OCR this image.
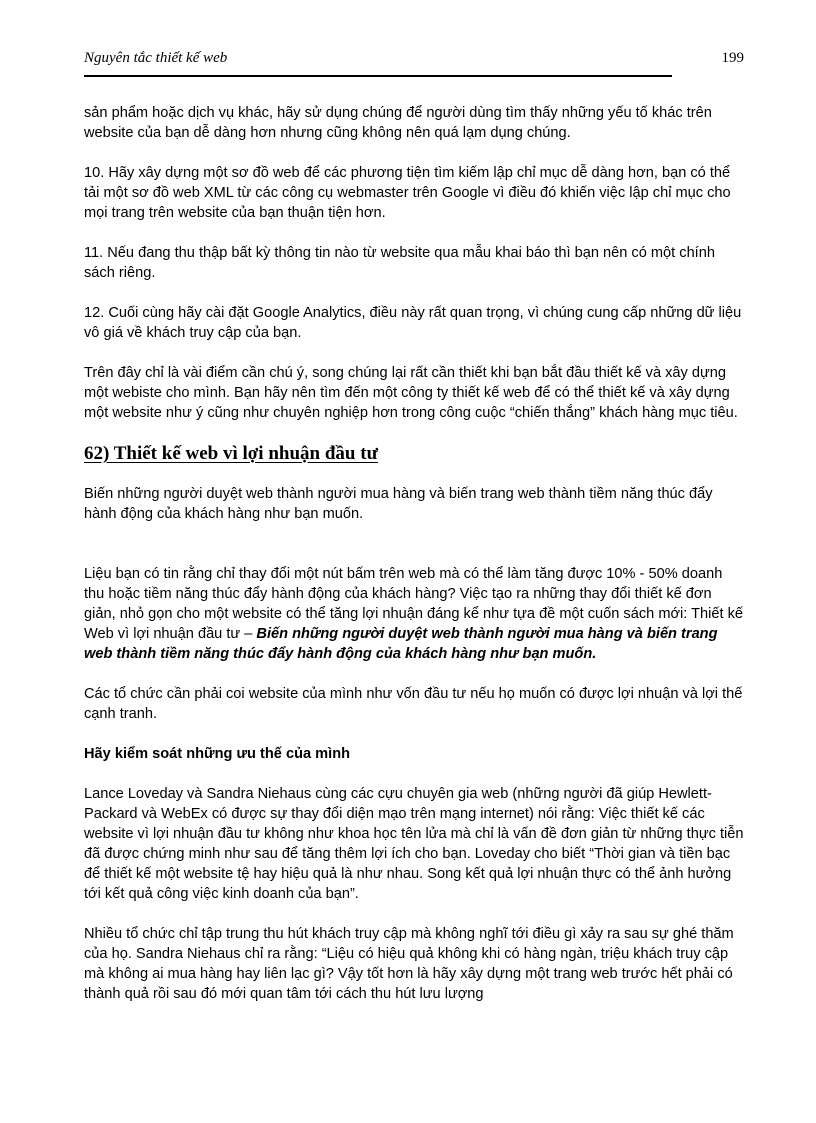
Nguyên tắc thiết kế web	199

sản phẩm hoặc dịch vụ khác, hãy sử dụng chúng để người dùng tìm thấy những yếu tố khác trên website của bạn dễ dàng hơn nhưng cũng không nên quá lạm dụng chúng.

10. Hãy xây dựng một sơ đồ web để các phương tiện tìm kiếm lập chỉ mục dễ dàng hơn, bạn có thể tải một sơ đồ web XML từ các công cụ webmaster trên Google vì điều đó khiến việc lập chỉ mục cho mọi trang trên website của bạn thuận tiện hơn.

11. Nếu đang thu thập bất kỳ thông tin nào từ website qua mẫu khai báo thì bạn nên có một chính sách riêng.

12. Cuối cùng hãy cài đặt Google Analytics, điều này rất quan trọng, vì chúng cung cấp những dữ liệu vô giá về khách truy cập của bạn.

Trên đây chỉ là vài điểm cần chú ý, song chúng lại rất cần thiết khi bạn bắt đầu thiết kế và xây dựng một webiste cho mình. Bạn hãy nên tìm đến một công ty thiết kế web để có thể thiết kế và xây dựng một website như ý cũng như chuyên nghiệp hơn trong công cuộc “chiến thắng” khách hàng mục tiêu.

62) Thiết kế web vì lợi nhuận đầu tư

Biến những người duyệt web thành người mua hàng và biến trang web thành tiềm năng thúc đẩy hành động của khách hàng như bạn muốn.

Liệu bạn có tin rằng chỉ thay đổi một nút bấm trên web mà có thể làm tăng được 10% - 50% doanh thu hoặc tiềm năng thúc đẩy hành động của khách hàng? Việc tạo ra những thay đổi thiết kế đơn giản, nhỏ gọn cho một website có thể tăng lợi nhuận đáng kể như tựa đề một cuốn sách mới: Thiết kế Web vì lợi nhuận đầu tư – Biến những người duyệt web thành người mua hàng và biến trang web thành tiềm năng thúc đẩy hành động của khách hàng như bạn muốn.

Các tổ chức cần phải coi website của mình như vốn đầu tư nếu họ muốn có được lợi nhuận và lợi thế cạnh tranh.

Hãy kiểm soát những ưu thế của mình

Lance Loveday và Sandra Niehaus cùng các cựu chuyên gia web (những người đã giúp Hewlett-Packard và WebEx có được sự thay đổi diện mạo trên mạng internet) nói rằng: Việc thiết kế các website vì lợi nhuận đầu tư không như khoa học tên lửa mà chỉ là vấn đề đơn giản từ những thực tiễn đã được chứng minh như sau để tăng thêm lợi ích cho bạn. Loveday cho biết “Thời gian và tiền bạc để thiết kế một website tệ hay hiệu quả là như nhau. Song kết quả lợi nhuận thực có thể ảnh hưởng tới kết quả công việc kinh doanh của bạn”.

Nhiều tổ chức chỉ tập trung thu hút khách truy cập mà không nghĩ tới điều gì xảy ra sau sự ghé thăm của họ. Sandra Niehaus chỉ ra rằng: “Liệu có hiệu quả không khi có hàng ngàn, triệu khách truy cập mà không ai mua hàng hay liên lạc gì? Vậy tốt hơn là hãy xây dựng một trang web trước hết phải có thành quả rồi sau đó mới quan tâm tới cách thu hút lưu lượng
